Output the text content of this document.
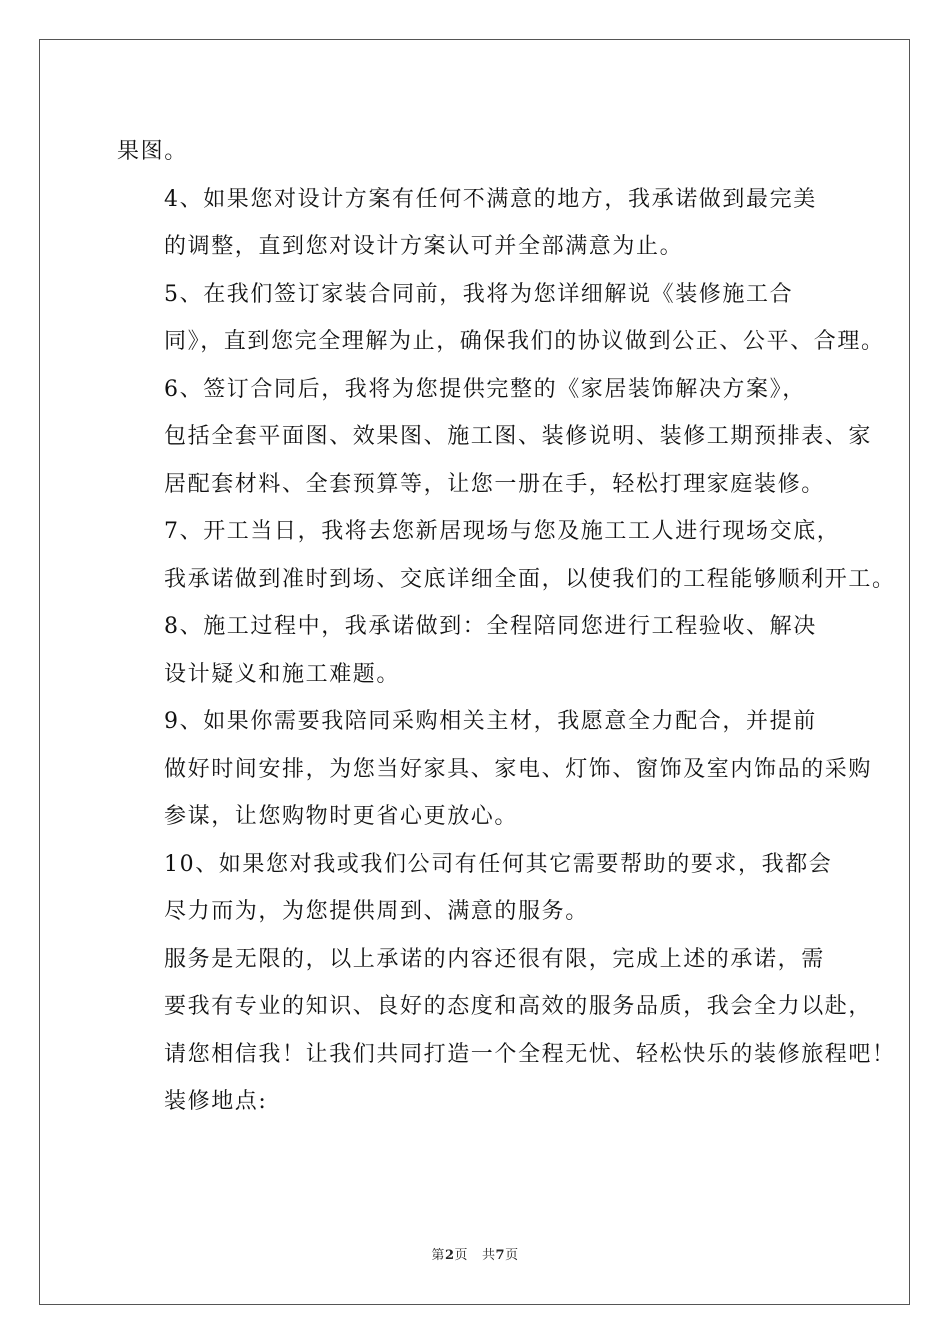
果图。

4、如果您对设计方案有任何不满意的地方，我承诺做到最完美
的调整，直到您对设计方案认可并全部满意为止。

5、在我们签订家装合同前，我将为您详细解说《装修施工合
同》，直到您完全理解为止，确保我们的协议做到公正、公平、合理。

6、签订合同后，我将为您提供完整的《家居装饰解决方案》，
包括全套平面图、效果图、施工图、装修说明、装修工期预排表、家
居配套材料、全套预算等，让您一册在手，轻松打理家庭装修。

7、开工当日，我将去您新居现场与您及施工工人进行现场交底，
我承诺做到准时到场、交底详细全面，以使我们的工程能够顺利开工。

8、施工过程中，我承诺做到：全程陪同您进行工程验收、解决
设计疑义和施工难题。

9、如果你需要我陪同采购相关主材，我愿意全力配合，并提前
做好时间安排，为您当好家具、家电、灯饰、窗饰及室内饰品的采购
参谋，让您购物时更省心更放心。

10、如果您对我或我们公司有任何其它需要帮助的要求，我都会
尽力而为，为您提供周到、满意的服务。

服务是无限的，以上承诺的内容还很有限，完成上述的承诺，需
要我有专业的知识、良好的态度和高效的服务品质，我会全力以赴，
请您相信我！让我们共同打造一个全程无忧、轻松快乐的装修旅程吧！

装修地点:

第2页 共7页
